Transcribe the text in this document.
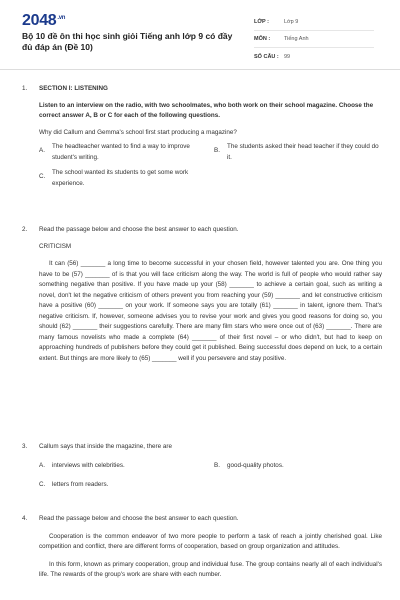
$2048^{.vn}$
Bộ 10 đề ôn thi học sinh giỏi Tiếng anh lớp 9 có đầy đủ đáp án (Đề 10)
LỚP :	Lớp 9
MÔN :	Tiếng Anh
SỐ CÂU : 99
1.	SECTION I: LISTENING
Listen to an interview on the radio, with two schoolmates, who both work on their school magazine. Choose the correct answer A, B or C for each of the following questions.
Why did Callum and Gemma's school first start producing a magazine?
A.
The headteacher wanted to find a way to improve student's writing.
B.
The students asked their head teacher if they could do it.
C.
The school wanted its students to get some work experience.
2.	Read the passage below and choose the best answer to each question.
CRITICISM
It can (56) _______ a long time to become successful in your chosen field, however talented you are. One thing you have to be (57) _______ of is that you will face criticism along the way. The world is full of people who would rather say something negative than positive. If you have made up your (58) _______ to achieve a certain goal, such as writing a novel, don't let the negative criticism of others prevent you from reaching your (59) _______ and let constructive criticism have a positive (60) _______ on your work. If someone says you are totally (61) _______ in talent, ignore them. That's negative criticism. If, however, someone advises you to revise your work and gives you good reasons for doing so, you should (62) _______ their suggestions carefully. There are many film stars who were once out of (63) _______. There are many famous novelists who made a complete (64) _______ of their first novel – or who didn't, but had to keep on approaching hundreds of publishers before they could get it published. Being successful does depend on luck, to a certain extent. But things are more likely to (65) _______ well if you persevere and stay positive.
3.	Callum says that inside the magazine, there are
A.	interviews with celebrities.	B.	good-quality photos.
C.	letters from readers.
4.	Read the passage below and choose the best answer to each question.
Cooperation is the common endeavor of two more people to perform a task of reach a jointly cherished goal. Like competition and conflict, there are different forms of cooperation, based on group organization and attitudes.
In this form, known as primary cooperation, group and individual fuse. The group contains nearly all of each individual's life. The rewards of the group's work are share with each number.
